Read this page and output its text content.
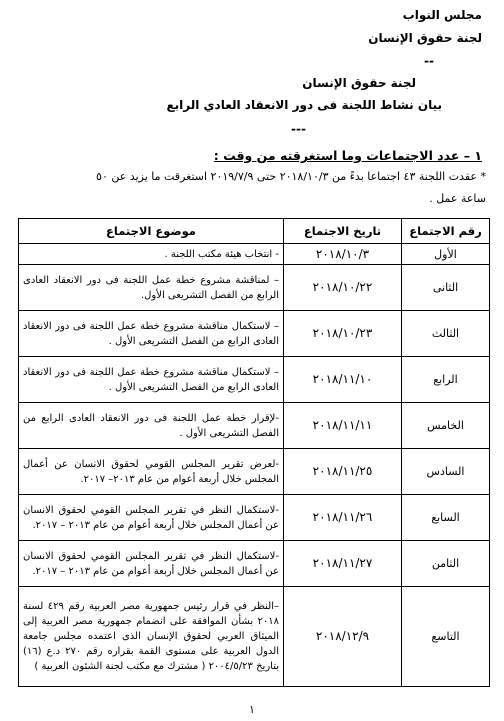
مجلس النواب
لجنة حقوق الإنسان
--
لجنة حقوق الإنسان
بيان نشاط اللجنة فى دور الانعقاد العادي الرابع
---
١ – عدد الاجتماعات وما استغرقته من وقت :
* عقدت اللجنة ٤٣ اجتماعا بدءً من ٢٠١٨/١٠/٣ حتى ٢٠١٩/٧/٩ استغرقت ما يزيد عن ٥٠
ساعة عمل .
رقم الاجتماع	تاريخ الاجتماع	موضوع الاجتماع
الأول	٢٠١٨/١٠/٣	- انتخاب هيئة مكتب اللجنة .
الثانى	٢٠١٨/١٠/٢٢	– لمناقشة مشروع خطة عمل اللجنة فى دور الانعقاد العادى الرابع من الفصل التشريعى الأول.
الثالث	٢٠١٨/١٠/٢٣	– لاستكمال مناقشة مشروع خطة عمل اللجنة فى دور الانعقاد العادى الرابع من الفصل التشريعى الأول .
الرابع	٢٠١٨/١١/١٠	– لاستكمال مناقشة مشروع خطة عمل اللجنة فى دور الانعقاد العادى الرابع من الفصل التشريعى الأول .
الخامس	٢٠١٨/١١/١١	-لإقرار خطة عمل اللجنة فى دور الانعقاد العادى الرابع من الفصل التشريعى الأول .
السادس	٢٠١٨/١١/٢٥	-لعرض تقرير المجلس القومي لحقوق الانسان عن أعمال المجلس خلال أربعة أعوام من عام ٢٠١٣– ٢٠١٧.
السابع	٢٠١٨/١١/٢٦	-لاستكمال النظر في تقرير المجلس القومي لحقوق الانسان عن أعمال المجلس خلال أربعة أعوام من عام ٢٠١٣ – ٢٠١٧.
الثامن	٢٠١٨/١١/٢٧	-لاستكمال النظر في تقرير المجلس القومي لحقوق الانسان عن أعمال المجلس خلال أربعة أعوام من عام ٢٠١٣ – ٢٠١٧.
التاسع	٢٠١٨/١٢/٩	–النظر في قرار رئيس جمهورية مصر العربية رقم ٤٢٩ لسنة ٢٠١٨ بشأن الموافقة على انضمام جمهورية مصر العربية إلى الميثاق العربي لحقوق الإنسان الذى اعتمده مجلس جامعة الدول العربية على مستوى القمة بقراره رقم ٢٧٠ د.ع (١٦) بتاريخ ٢٠٠٤/٥/٢٣ ( مشترك مع مكتب لجنة الشئون العربية )
١
